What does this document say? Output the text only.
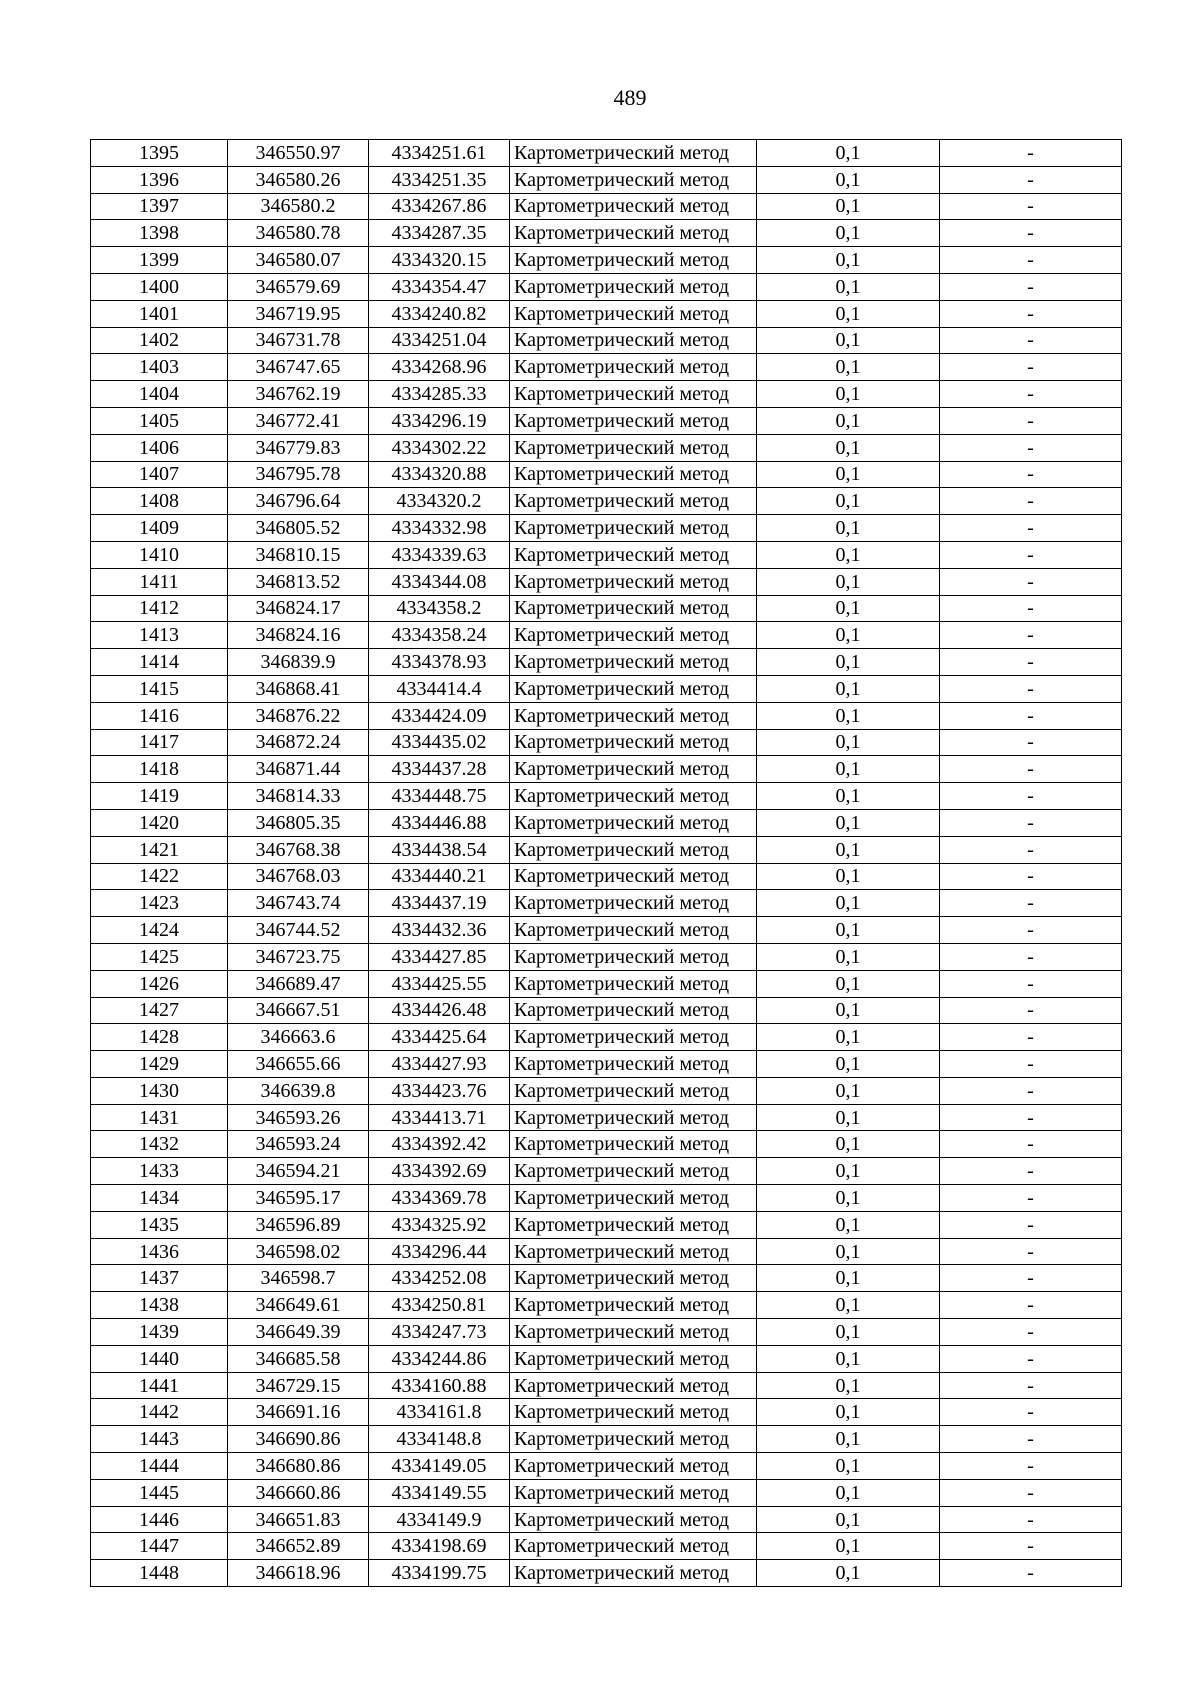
489
1395	346550.97	4334251.61	Картометрический метод	0,1	-
1396	346580.26	4334251.35	Картометрический метод	0,1	-
1397	346580.2	4334267.86	Картометрический метод	0,1	-
1398	346580.78	4334287.35	Картометрический метод	0,1	-
1399	346580.07	4334320.15	Картометрический метод	0,1	-
1400	346579.69	4334354.47	Картометрический метод	0,1	-
1401	346719.95	4334240.82	Картометрический метод	0,1	-
1402	346731.78	4334251.04	Картометрический метод	0,1	-
1403	346747.65	4334268.96	Картометрический метод	0,1	-
1404	346762.19	4334285.33	Картометрический метод	0,1	-
1405	346772.41	4334296.19	Картометрический метод	0,1	-
1406	346779.83	4334302.22	Картометрический метод	0,1	-
1407	346795.78	4334320.88	Картометрический метод	0,1	-
1408	346796.64	4334320.2	Картометрический метод	0,1	-
1409	346805.52	4334332.98	Картометрический метод	0,1	-
1410	346810.15	4334339.63	Картометрический метод	0,1	-
1411	346813.52	4334344.08	Картометрический метод	0,1	-
1412	346824.17	4334358.2	Картометрический метод	0,1	-
1413	346824.16	4334358.24	Картометрический метод	0,1	-
1414	346839.9	4334378.93	Картометрический метод	0,1	-
1415	346868.41	4334414.4	Картометрический метод	0,1	-
1416	346876.22	4334424.09	Картометрический метод	0,1	-
1417	346872.24	4334435.02	Картометрический метод	0,1	-
1418	346871.44	4334437.28	Картометрический метод	0,1	-
1419	346814.33	4334448.75	Картометрический метод	0,1	-
1420	346805.35	4334446.88	Картометрический метод	0,1	-
1421	346768.38	4334438.54	Картометрический метод	0,1	-
1422	346768.03	4334440.21	Картометрический метод	0,1	-
1423	346743.74	4334437.19	Картометрический метод	0,1	-
1424	346744.52	4334432.36	Картометрический метод	0,1	-
1425	346723.75	4334427.85	Картометрический метод	0,1	-
1426	346689.47	4334425.55	Картометрический метод	0,1	-
1427	346667.51	4334426.48	Картометрический метод	0,1	-
1428	346663.6	4334425.64	Картометрический метод	0,1	-
1429	346655.66	4334427.93	Картометрический метод	0,1	-
1430	346639.8	4334423.76	Картометрический метод	0,1	-
1431	346593.26	4334413.71	Картометрический метод	0,1	-
1432	346593.24	4334392.42	Картометрический метод	0,1	-
1433	346594.21	4334392.69	Картометрический метод	0,1	-
1434	346595.17	4334369.78	Картометрический метод	0,1	-
1435	346596.89	4334325.92	Картометрический метод	0,1	-
1436	346598.02	4334296.44	Картометрический метод	0,1	-
1437	346598.7	4334252.08	Картометрический метод	0,1	-
1438	346649.61	4334250.81	Картометрический метод	0,1	-
1439	346649.39	4334247.73	Картометрический метод	0,1	-
1440	346685.58	4334244.86	Картометрический метод	0,1	-
1441	346729.15	4334160.88	Картометрический метод	0,1	-
1442	346691.16	4334161.8	Картометрический метод	0,1	-
1443	346690.86	4334148.8	Картометрический метод	0,1	-
1444	346680.86	4334149.05	Картометрический метод	0,1	-
1445	346660.86	4334149.55	Картометрический метод	0,1	-
1446	346651.83	4334149.9	Картометрический метод	0,1	-
1447	346652.89	4334198.69	Картометрический метод	0,1	-
1448	346618.96	4334199.75	Картометрический метод	0,1	-
